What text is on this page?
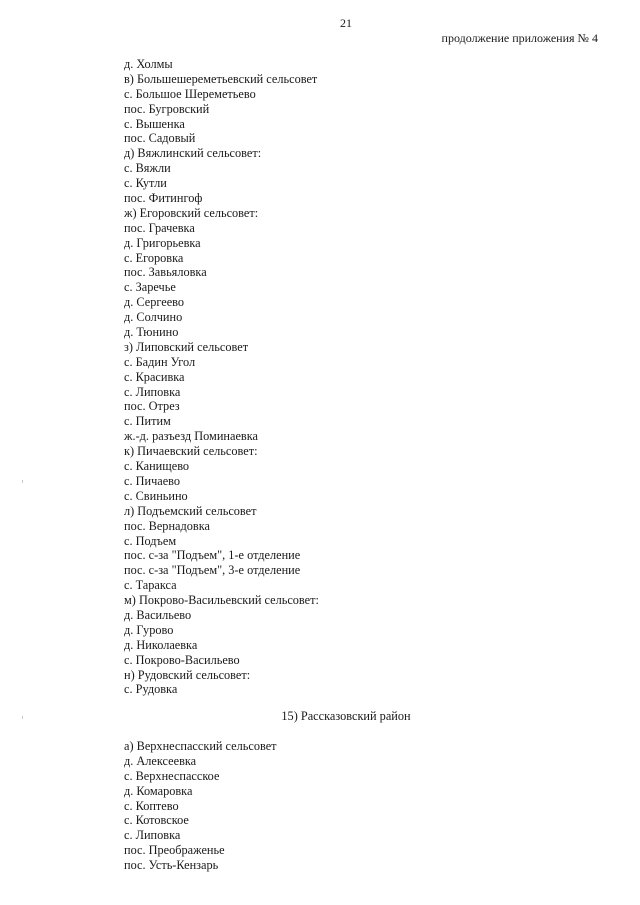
21
продолжение приложения № 4
д. Холмы
в) Большешереметьевский сельсовет
с. Большое Шереметьево
пос. Бугровский
с. Вышенка
пос. Садовый
д) Вяжлинский сельсовет:
с. Вяжли
с. Кутли
пос. Фитингоф
ж) Егоровский сельсовет:
пос. Грачевка
д. Григорьевка
с. Егоровка
пос. Завьяловка
с. Заречье
д. Сергеево
д. Солчино
д. Тюнино
з) Липовский сельсовет
с. Бадин Угол
с. Красивка
с. Липовка
пос. Отрез
с. Питим
ж.-д. разъезд Поминаевка
к) Пичаевский сельсовет:
с. Канищево
с. Пичаево
с. Свиньино
л) Подъемский сельсовет
пос. Вернадовка
с. Подъем
пос. с-за "Подъем", 1-е отделение
пос. с-за "Подъем", 3-е отделение
с. Таракса
м) Покрово-Васильевский сельсовет:
д. Васильево
д. Гурово
д. Николаевка
с. Покрово-Васильево
н) Рудовский сельсовет:
с. Рудовка
15) Рассказовский район
а) Верхнеспасский сельсовет
д. Алексеевка
с. Верхнеспасское
д. Комаровка
с. Коптево
с. Котовское
с. Липовка
пос. Преображенье
пос. Усть-Кензарь
